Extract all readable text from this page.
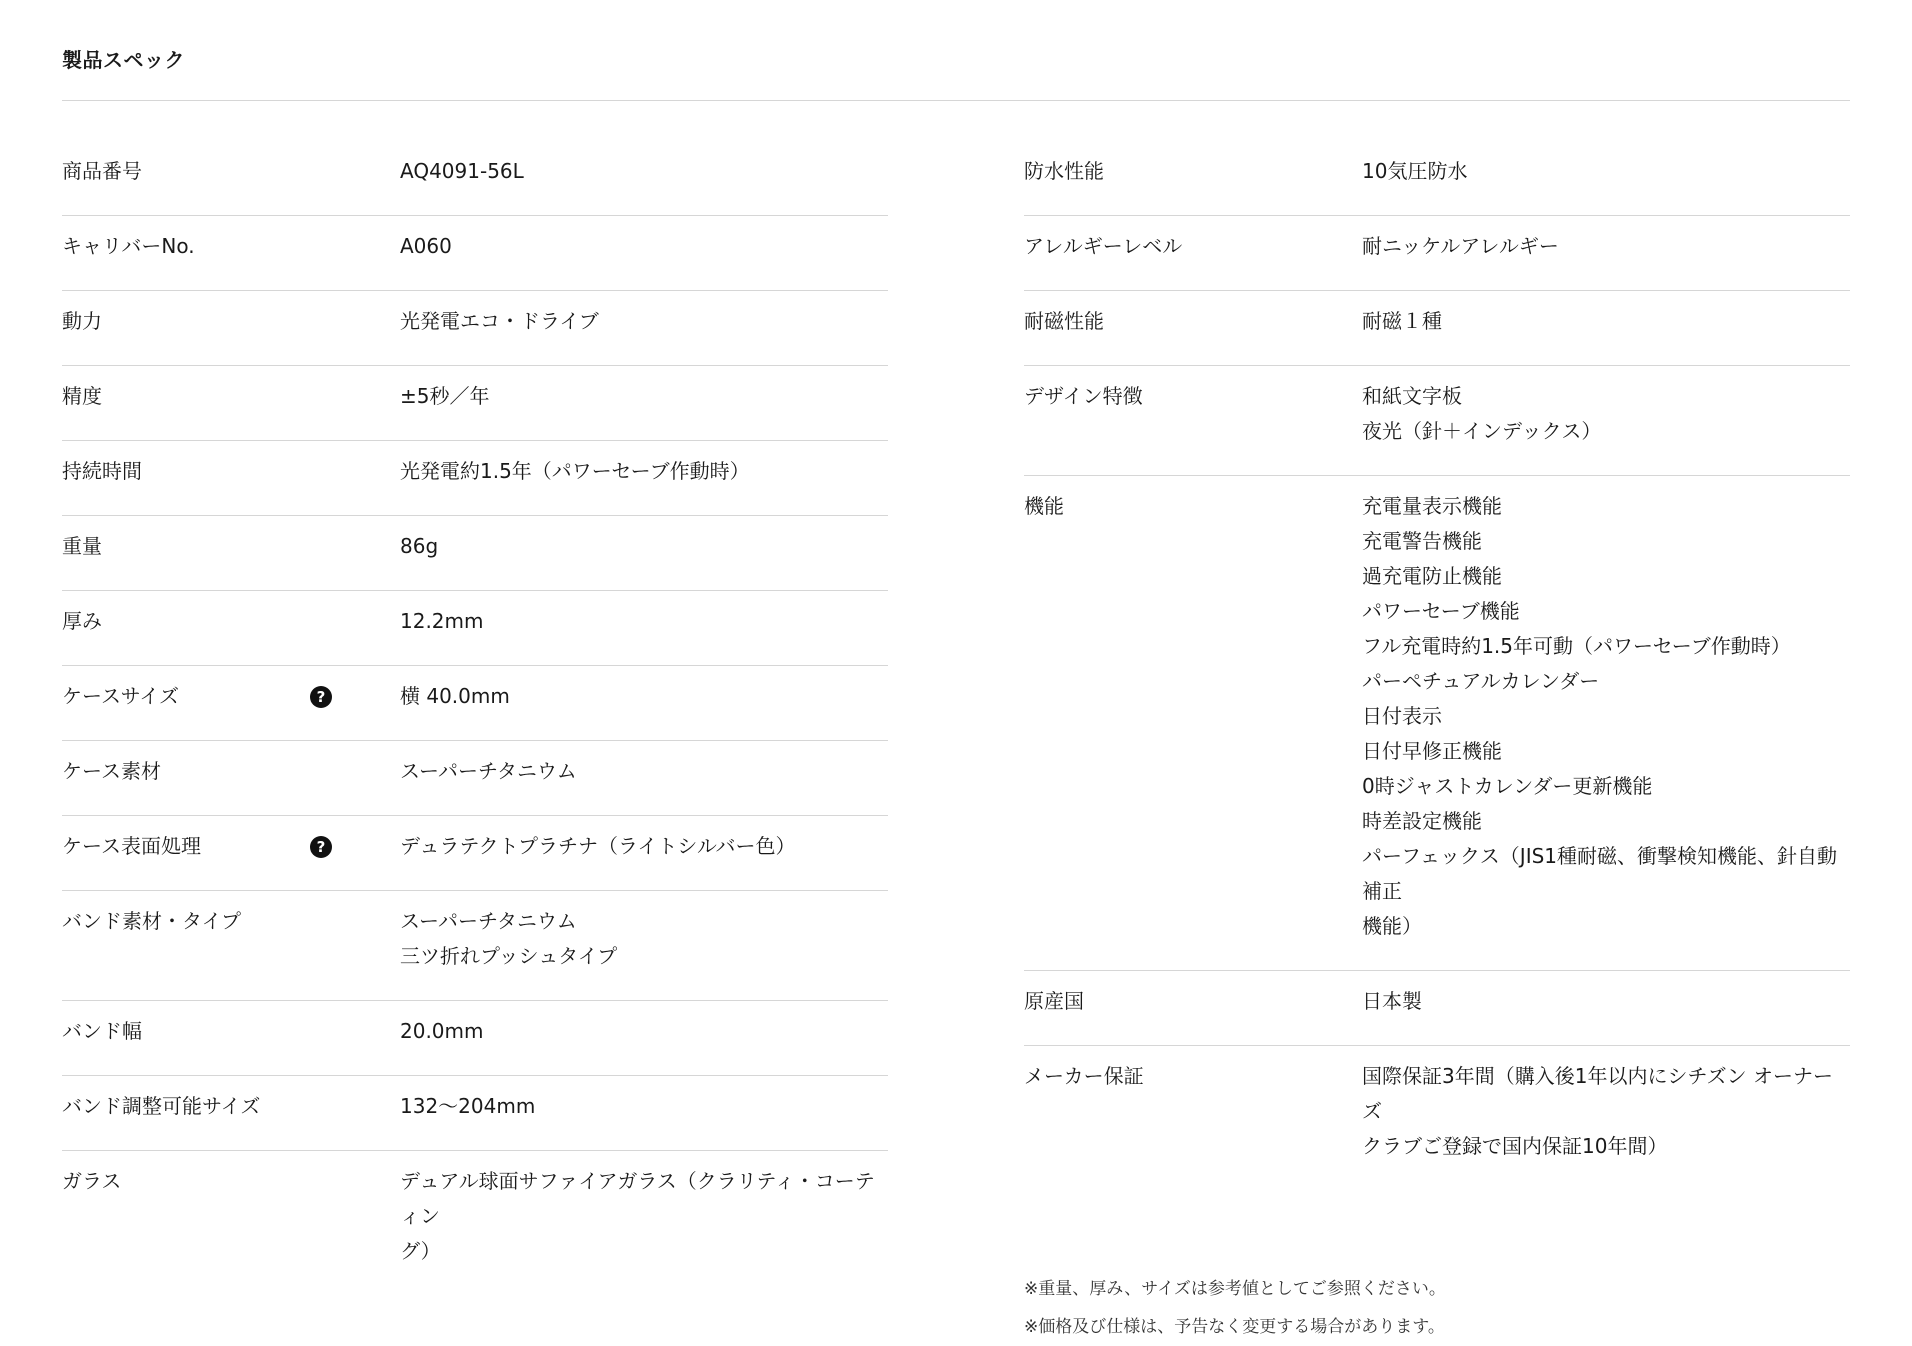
製品スペック
商品番号	AQ4091-56L
キャリバーNo.	A060
動力	光発電エコ・ドライブ
精度	±5秒／年
持続時間	光発電約1.5年（パワーセーブ作動時）
重量	86g
厚み	12.2mm
ケースサイズ	?	横 40.0mm
ケース素材	スーパーチタニウム
ケース表面処理	?	デュラテクトプラチナ（ライトシルバー色）
バンド素材・タイプ	スーパーチタニウム
三ツ折れプッシュタイプ
バンド幅	20.0mm
バンド調整可能サイズ	132～204mm
ガラス	デュアル球面サファイアガラス（クラリティ・コーティン
グ）
防水性能	10気圧防水
アレルギーレベル	耐ニッケルアレルギー
耐磁性能	耐磁１種
デザイン特徴	和紙文字板
夜光（針＋インデックス）
機能	充電量表示機能
充電警告機能
過充電防止機能
パワーセーブ機能
フル充電時約1.5年可動（パワーセーブ作動時）
パーペチュアルカレンダー
日付表示
日付早修正機能
0時ジャストカレンダー更新機能
時差設定機能
パーフェックス（JIS1種耐磁、衝撃検知機能、針自動補正
機能）
原産国	日本製
メーカー保証	国際保証3年間（購入後1年以内にシチズン オーナーズ
クラブご登録で国内保証10年間）
※重量、厚み、サイズは参考値としてご参照ください。
※価格及び仕様は、予告なく変更する場合があります。
